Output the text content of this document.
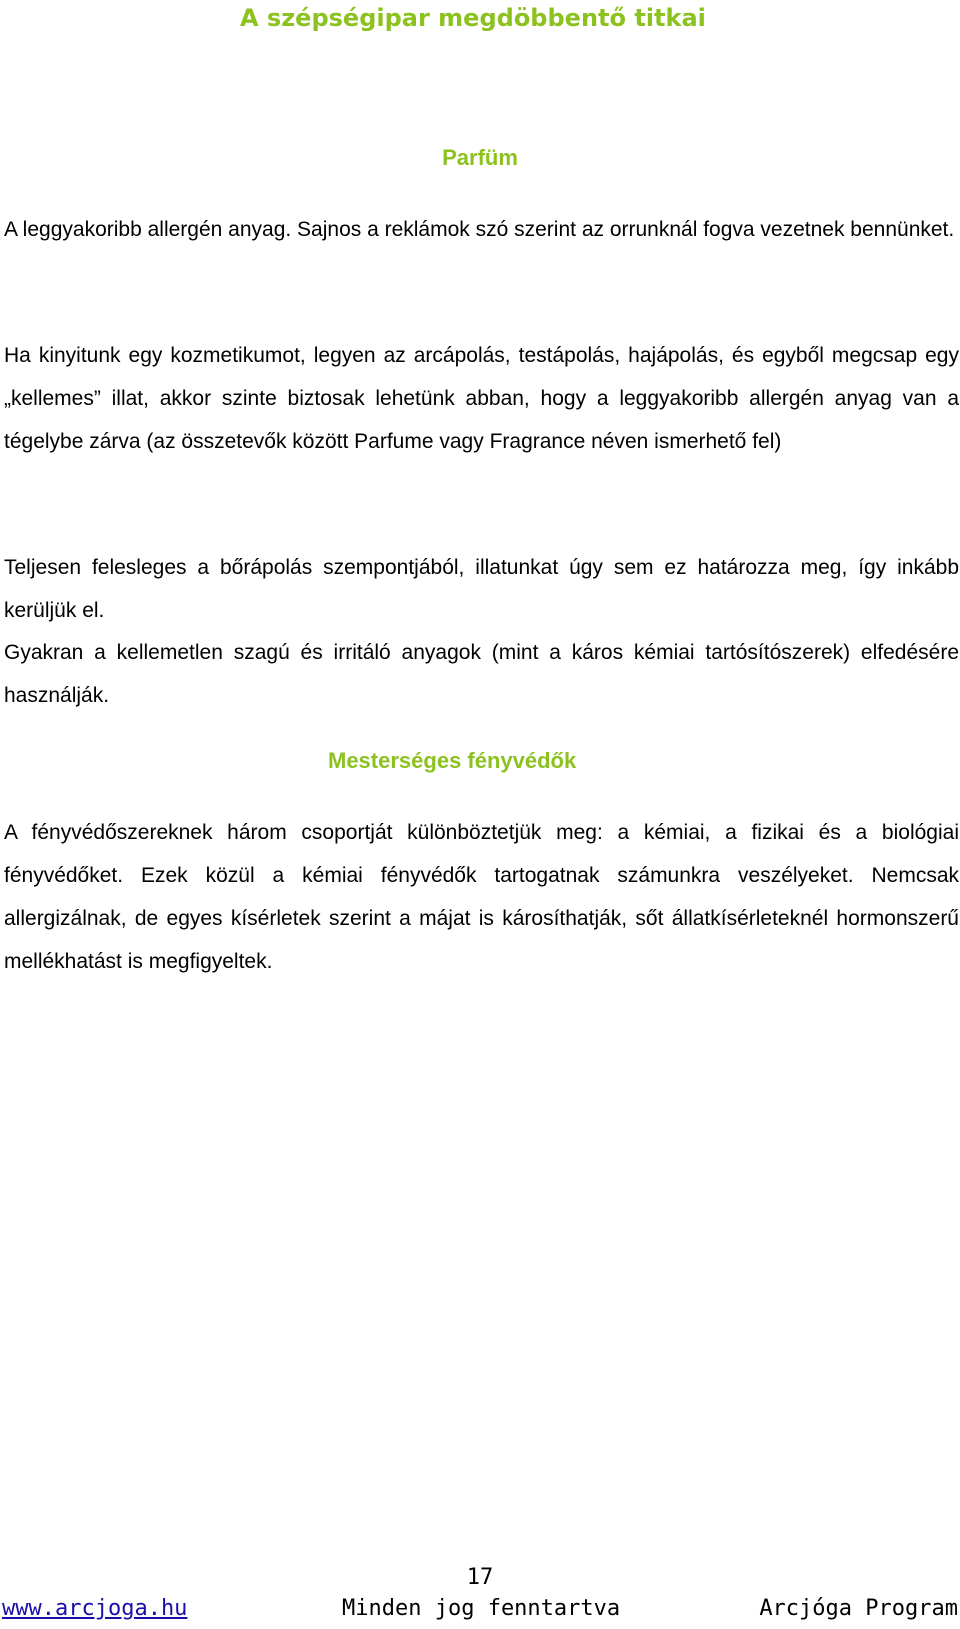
A szépségipar megdöbbentő titkai
Parfüm

A leggyakoribb allergén anyag. Sajnos a reklámok szó szerint az orrunknál fogva vezetnek bennünket.

Ha kinyitunk egy kozmetikumot, legyen az arcápolás, testápolás, hajápolás, és egyből megcsap egy „kellemes” illat, akkor szinte biztosak lehetünk abban, hogy a leggyakoribb allergén anyag van a tégelybe zárva (az összetevők között Parfume vagy Fragrance néven ismerhető fel)

Teljesen felesleges a bőrápolás szempontjából, illatunkat úgy sem ez határozza meg, így inkább kerüljük el.

Gyakran a kellemetlen szagú és irritáló anyagok (mint a káros kémiai tartósítószerek) elfedésére használják.

Mesterséges fényvédők

A fényvédőszereknek három csoportját különböztetjük meg: a kémiai, a fizikai és a biológiai fényvédőket. Ezek közül a kémiai fényvédők tartogatnak számunkra veszélyeket. Nemcsak allergizálnak, de egyes kísérletek szerint a májat is károsíthatják, sőt állatkísérleteknél hormonszerű mellékhatást is megfigyeltek.

17
www.arcjoga.hu	Minden jog fenntartva	Arcjóga Program
